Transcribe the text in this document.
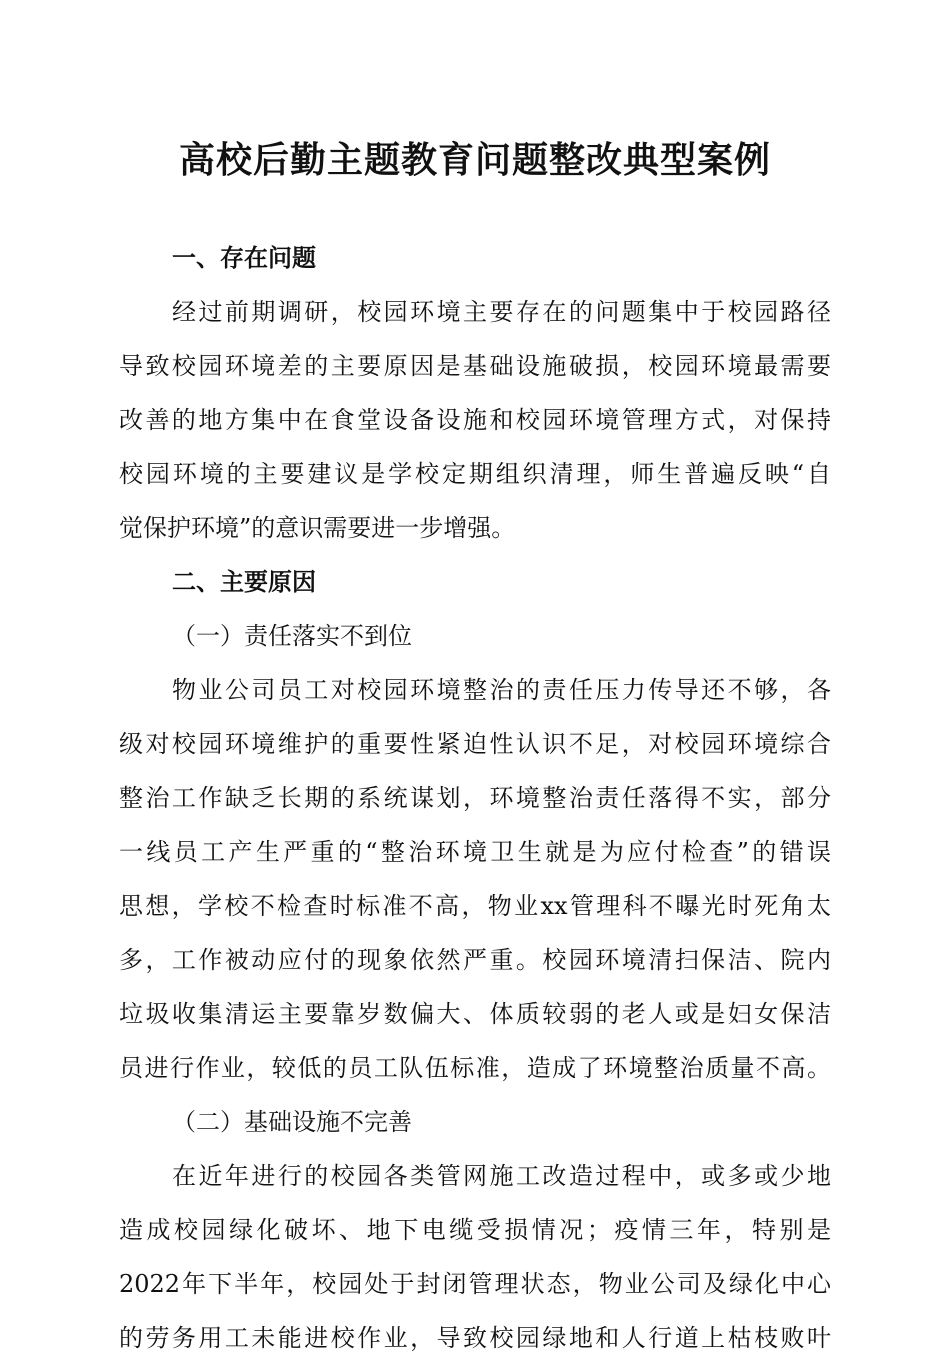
高校后勤主题教育问题整改典型案例
一、存在问题
经过前期调研，校园环境主要存在的问题集中于校园路径
导致校园环境差的主要原因是基础设施破损，校园环境最需要
改善的地方集中在食堂设备设施和校园环境管理方式，对保持
校园环境的主要建议是学校定期组织清理，师生普遍反映“自
觉保护环境”的意识需要进一步增强。
二、主要原因
（一）责任落实不到位
物业公司员工对校园环境整治的责任压力传导还不够，各
级对校园环境维护的重要性紧迫性认识不足，对校园环境综合
整治工作缺乏长期的系统谋划，环境整治责任落得不实，部分
一线员工产生严重的“整治环境卫生就是为应付检查”的错误
思想，学校不检查时标准不高，物业xx管理科不曝光时死角太
多，工作被动应付的现象依然严重。校园环境清扫保洁、院内
垃圾收集清运主要靠岁数偏大、体质较弱的老人或是妇女保洁
员进行作业，较低的员工队伍标准，造成了环境整治质量不高。
（二）基础设施不完善
在近年进行的校园各类管网施工改造过程中，或多或少地
造成校园绿化破坏、地下电缆受损情况；疫情三年，特别是
2022年下半年，校园处于封闭管理状态，物业公司及绿化中心
的劳务用工未能进校作业，导致校园绿地和人行道上枯枝败叶
